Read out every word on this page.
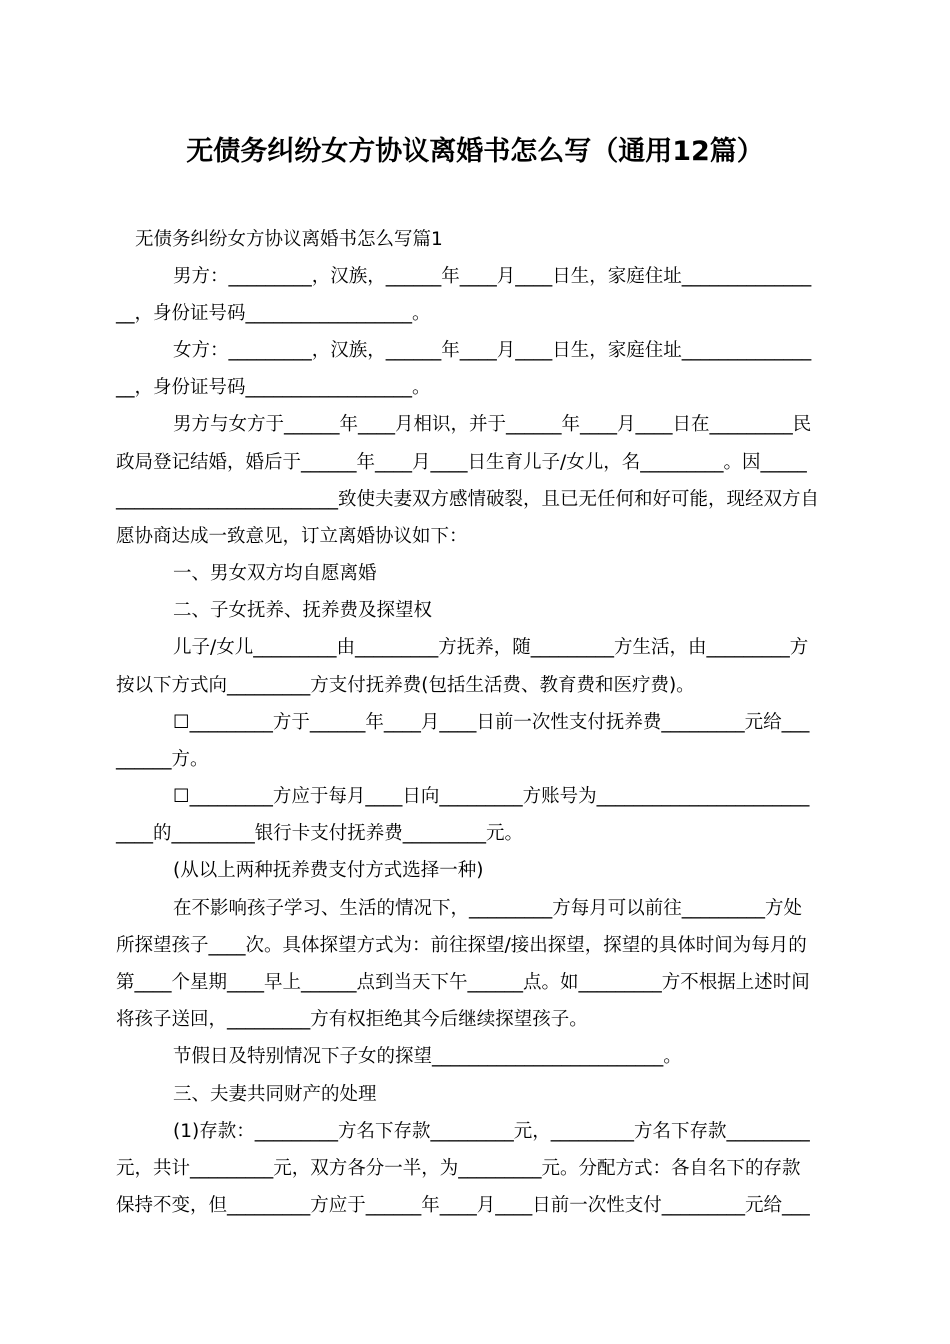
无债务纠纷女方协议离婚书怎么写（通用12篇）
无债务纠纷女方协议离婚书怎么写篇1
男方：_________，汉族，______年____月____日生，家庭住址______________
__，身份证号码__________________。
女方：_________，汉族，______年____月____日生，家庭住址______________
__，身份证号码__________________。
男方与女方于______年____月相识，并于______年____月____日在_________民
政局登记结婚，婚后于______年____月____日生育儿子/女儿，名_________。因_____
________________________致使夫妻双方感情破裂，且已无任何和好可能，现经双方自
愿协商达成一致意见，订立离婚协议如下：
一、男女双方均自愿离婚
二、子女抚养、抚养费及探望权
儿子/女儿_________由_________方抚养，随_________方生活，由_________方
按以下方式向_________方支付抚养费(包括生活费、教育费和医疗费)。
☐_________方于______年____月____日前一次性支付抚养费_________元给___
______方。
☐_________方应于每月____日向_________方账号为_______________________
____的_________银行卡支付抚养费_________元。
(从以上两种抚养费支付方式选择一种)
在不影响孩子学习、生活的情况下，_________方每月可以前往_________方处
所探望孩子____次。具体探望方式为：前往探望/接出探望，探望的具体时间为每月的
第____个星期____早上______点到当天下午______点。如_________方不根据上述时间
将孩子送回，_________方有权拒绝其今后继续探望孩子。
节假日及特别情况下子女的探望_________________________。
三、夫妻共同财产的处理
(1)存款：_________方名下存款_________元，_________方名下存款_________
元，共计_________元，双方各分一半，为_________元。分配方式：各自名下的存款
保持不变，但_________方应于______年____月____日前一次性支付_________元给___
